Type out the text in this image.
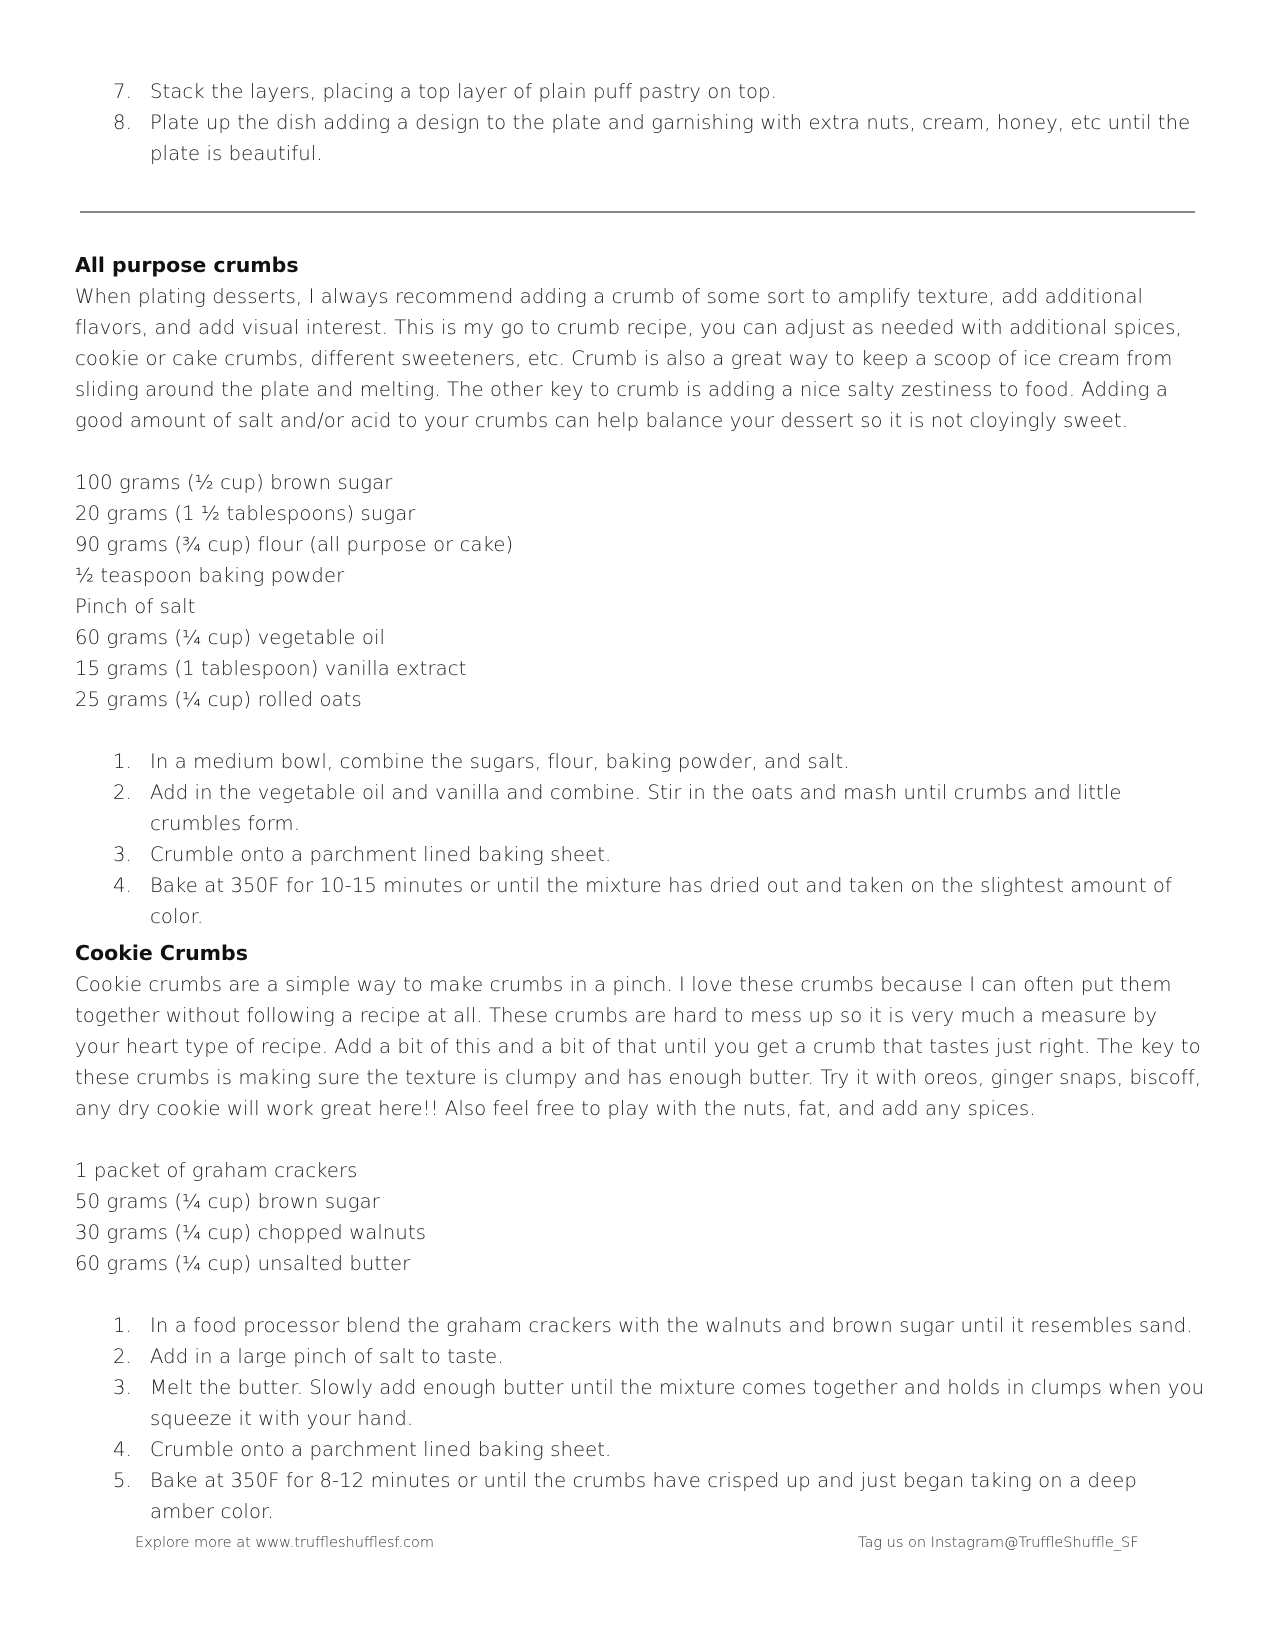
7. Stack the layers, placing a top layer of plain puff pastry on top.
8. Plate up the dish adding a design to the plate and garnishing with extra nuts, cream, honey, etc until the plate is beautiful.
All purpose crumbs

When plating desserts, I always recommend adding a crumb of some sort to amplify texture, add additional flavors, and add visual interest. This is my go to crumb recipe, you can adjust as needed with additional spices, cookie or cake crumbs, different sweeteners, etc. Crumb is also a great way to keep a scoop of ice cream from sliding around the plate and melting. The other key to crumb is adding a nice salty zestiness to food. Adding a good amount of salt and/or acid to your crumbs can help balance your dessert so it is not cloyingly sweet.

100 grams (½ cup) brown sugar
20 grams (1 ½ tablespoons) sugar
90 grams (¾ cup) flour (all purpose or cake)
½ teaspoon baking powder
Pinch of salt
60 grams (¼ cup) vegetable oil
15 grams (1 tablespoon) vanilla extract
25 grams (¼ cup) rolled oats
1. In a medium bowl, combine the sugars, flour, baking powder, and salt.
2. Add in the vegetable oil and vanilla and combine. Stir in the oats and mash until crumbs and little crumbles form.
3. Crumble onto a parchment lined baking sheet.
4. Bake at 350F for 10-15 minutes or until the mixture has dried out and taken on the slightest amount of color.
Cookie Crumbs

Cookie crumbs are a simple way to make crumbs in a pinch. I love these crumbs because I can often put them together without following a recipe at all. These crumbs are hard to mess up so it is very much a measure by your heart type of recipe. Add a bit of this and a bit of that until you get a crumb that tastes just right. The key to these crumbs is making sure the texture is clumpy and has enough butter. Try it with oreos, ginger snaps, biscoff, any dry cookie will work great here!! Also feel free to play with the nuts, fat, and add any spices.

1 packet of graham crackers
50 grams (¼ cup) brown sugar
30 grams (¼ cup) chopped walnuts
60 grams (¼ cup) unsalted butter
1. In a food processor blend the graham crackers with the walnuts and brown sugar until it resembles sand.
2. Add in a large pinch of salt to taste.
3. Melt the butter. Slowly add enough butter until the mixture comes together and holds in clumps when you squeeze it with your hand.
4. Crumble onto a parchment lined baking sheet.
5. Bake at 350F for 8-12 minutes or until the crumbs have crisped up and just began taking on a deep amber color.
Explore more at www.truffleshufflesf.com	Tag us on Instagram@TruffleShuffle_SF
